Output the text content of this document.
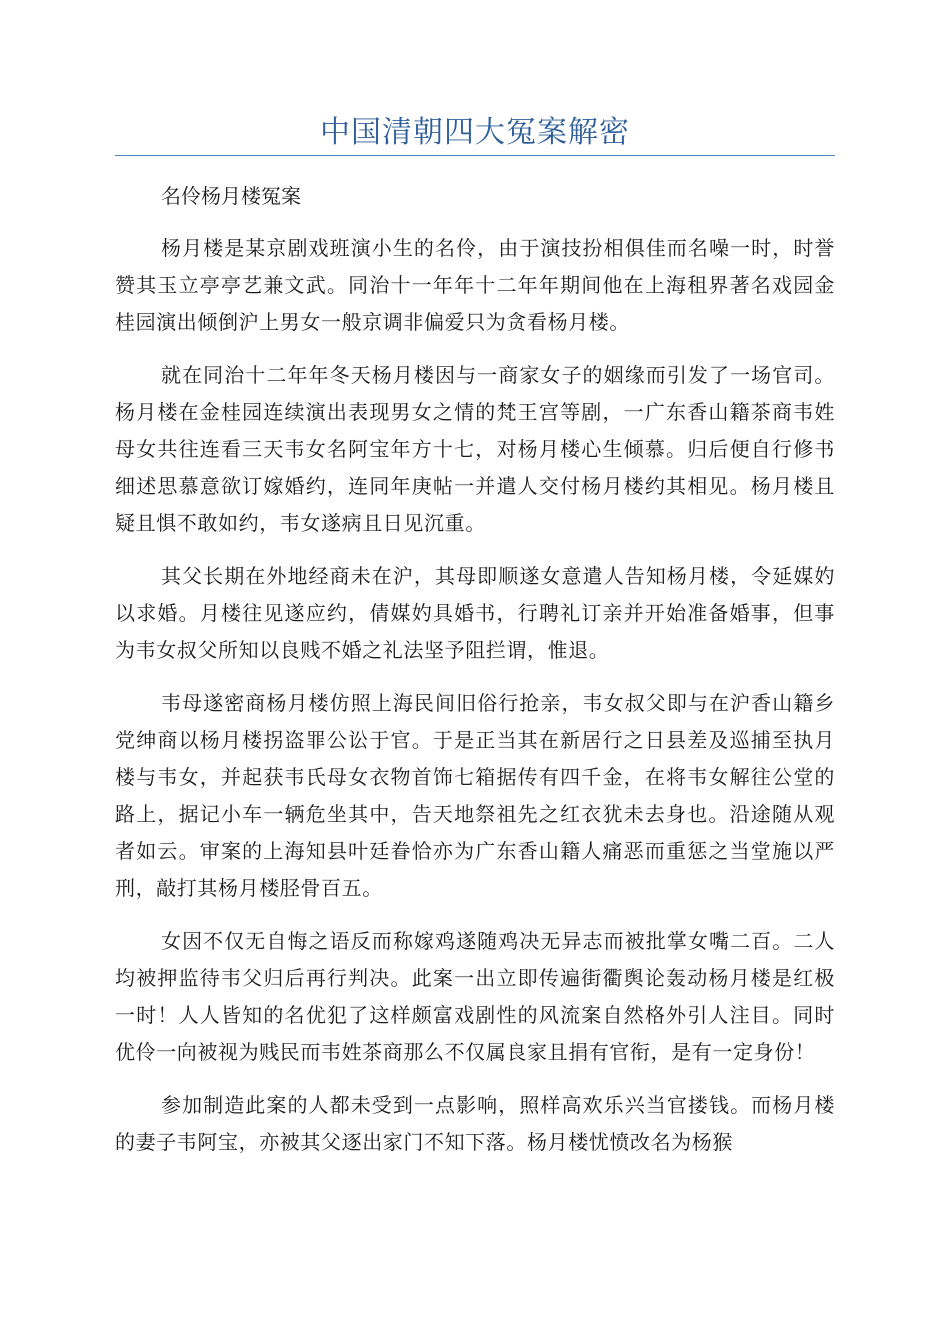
中国清朝四大冤案解密

名伶杨月楼冤案

杨月楼是某京剧戏班演小生的名伶，由于演技扮相俱佳而名噪一时，时誉赞其玉立亭亭艺兼文武。同治十一年年十二年年期间他在上海租界著名戏园金桂园演出倾倒沪上男女一般京调非偏爱只为贪看杨月楼。

就在同治十二年年冬天杨月楼因与一商家女子的姻缘而引发了一场官司。杨月楼在金桂园连续演出表现男女之情的梵王宫等剧，一广东香山籍茶商韦姓母女共往连看三天韦女名阿宝年方十七，对杨月楼心生倾慕。归后便自行修书细述思慕意欲订嫁婚约，连同年庚帖一并遣人交付杨月楼约其相见。杨月楼且疑且惧不敢如约，韦女遂病且日见沉重。

其父长期在外地经商未在沪，其母即顺遂女意遣人告知杨月楼，令延媒妁以求婚。月楼往见遂应约，倩媒妁具婚书，行聘礼订亲并开始准备婚事，但事为韦女叔父所知以良贱不婚之礼法坚予阻拦谓，惟退。

韦母遂密商杨月楼仿照上海民间旧俗行抢亲，韦女叔父即与在沪香山籍乡党绅商以杨月楼拐盗罪公讼于官。于是正当其在新居行之日县差及巡捕至执月楼与韦女，并起获韦氏母女衣物首饰七箱据传有四千金，在将韦女解往公堂的路上，据记小车一辆危坐其中，告天地祭祖先之红衣犹未去身也。沿途随从观者如云。审案的上海知县叶廷眷恰亦为广东香山籍人痛恶而重惩之当堂施以严刑，敲打其杨月楼胫骨百五。

女因不仅无自悔之语反而称嫁鸡遂随鸡决无异志而被批掌女嘴二百。二人均被押监待韦父归后再行判决。此案一出立即传遍街衢舆论轰动杨月楼是红极一时！人人皆知的名优犯了这样颇富戏剧性的风流案自然格外引人注目。同时优伶一向被视为贱民而韦姓茶商那么不仅属良家且捐有官衔，是有一定身份！

参加制造此案的人都未受到一点影响，照样高欢乐兴当官搂钱。而杨月楼的妻子韦阿宝，亦被其父逐出家门不知下落。杨月楼忧愤改名为杨猴
